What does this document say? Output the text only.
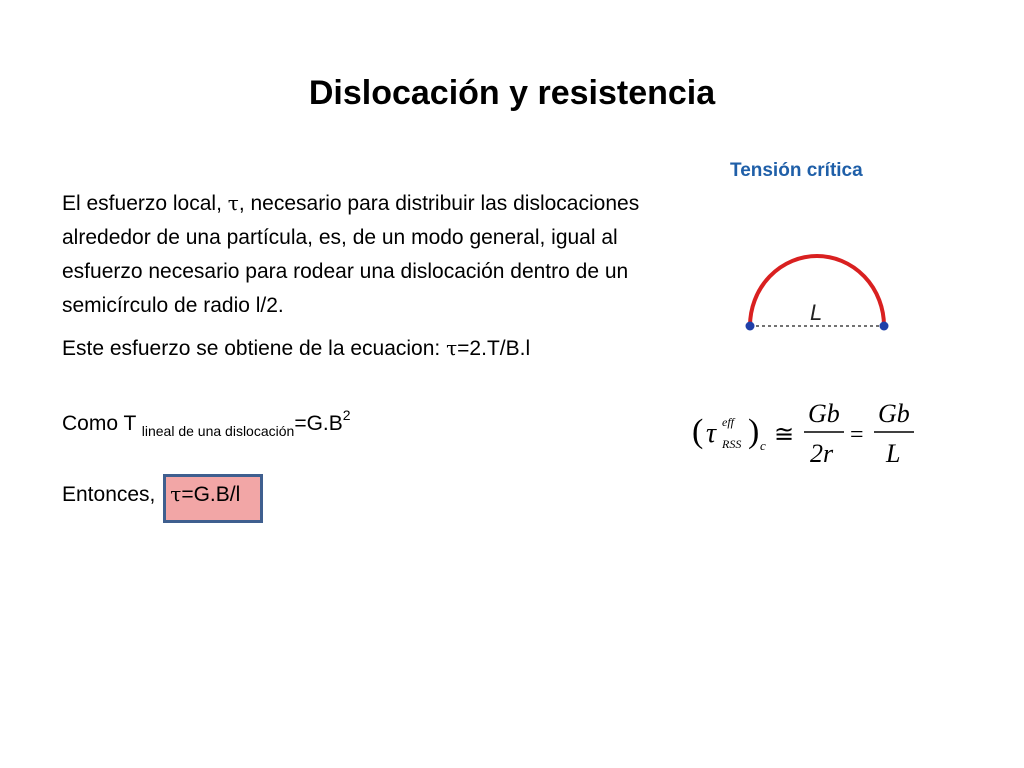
Dislocación y resistencia

El esfuerzo local, τ, necesario para distribuir las dislocaciones alrededor de una partícula, es, de un modo general, igual al esfuerzo necesario para rodear una dislocación dentro de un semicírculo de radio l/2.

Este esfuerzo se obtiene de la ecuacion: τ=2.T/B.l

Como T $_{lineal de una dislocación}=G.B^2$

Entonces, τ=G.B/l

Tensión crítica

L
( τ eff
RSS ) c ≅
Gb
2r
=
Gb
L
